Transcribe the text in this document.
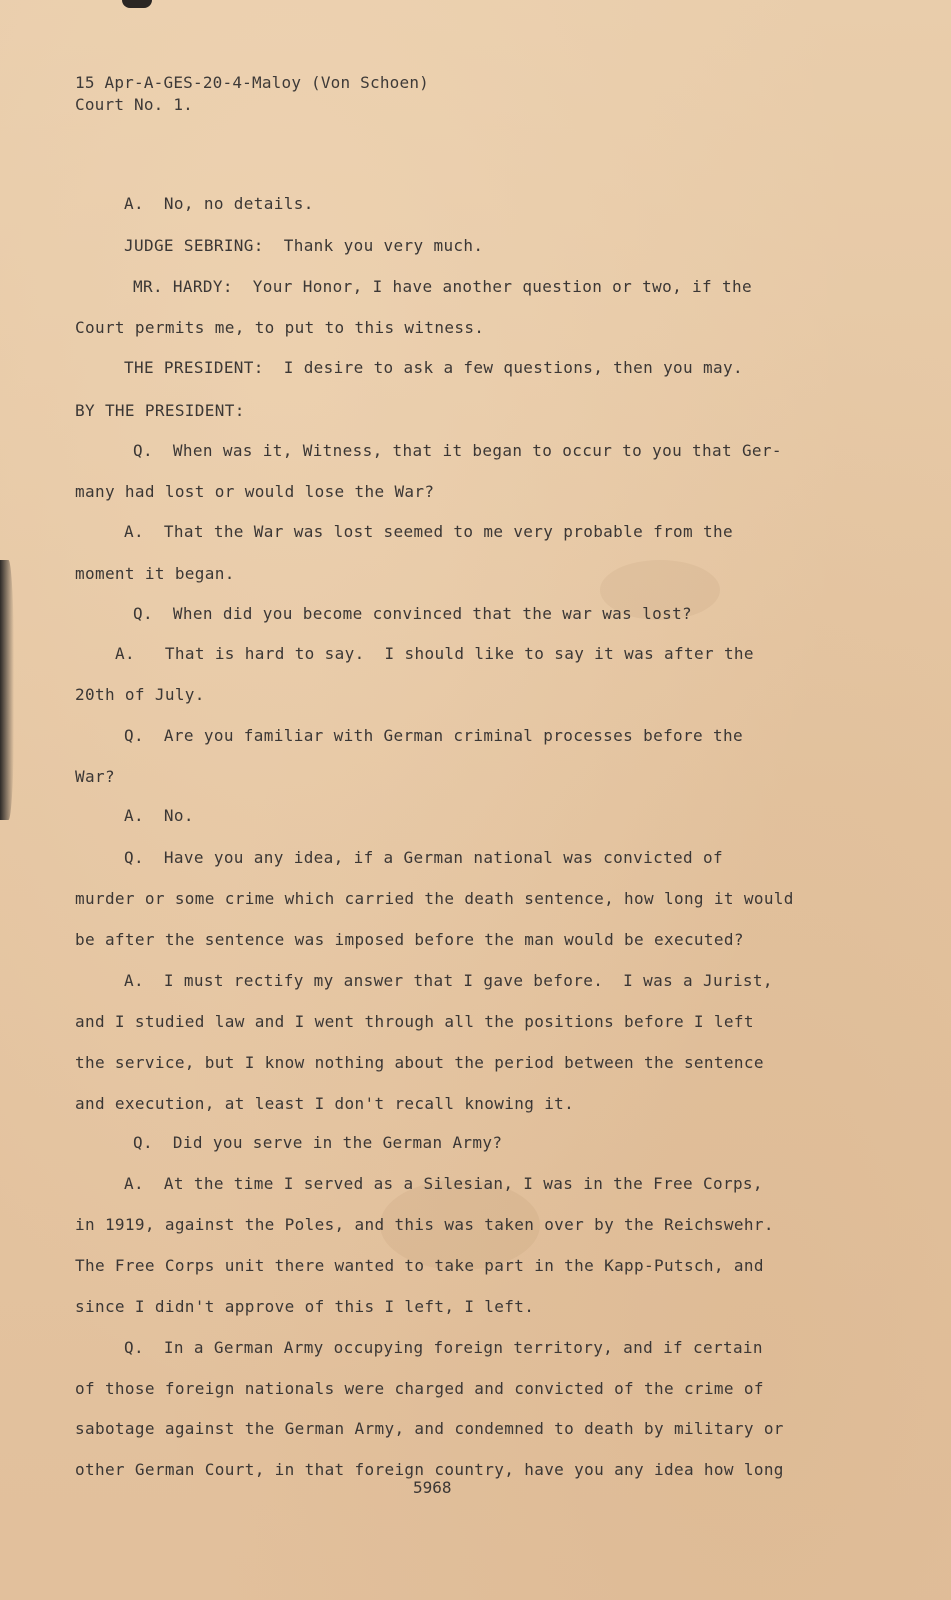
15 Apr-A-GES-20-4-Maloy (Von Schoen)
Court No. 1.
A.  No, no details.
JUDGE SEBRING:  Thank you very much.
MR. HARDY:  Your Honor, I have another question or two, if the
Court permits me, to put to this witness.
THE PRESIDENT:  I desire to ask a few questions, then you may.
BY THE PRESIDENT:
Q.  When was it, Witness, that it began to occur to you that Ger-
many had lost or would lose the War?
A.  That the War was lost seemed to me very probable from the
moment it began.
Q.  When did you become convinced that the war was lost?
A.   That is hard to say.  I should like to say it was after the
20th of July.
Q.  Are you familiar with German criminal processes before the
War?
A.  No.
Q.  Have you any idea, if a German national was convicted of
murder or some crime which carried the death sentence, how long it would
be after the sentence was imposed before the man would be executed?
A.  I must rectify my answer that I gave before.  I was a Jurist,
and I studied law and I went through all the positions before I left
the service, but I know nothing about the period between the sentence
and execution, at least I don't recall knowing it.
Q.  Did you serve in the German Army?
A.  At the time I served as a Silesian, I was in the Free Corps,
in 1919, against the Poles, and this was taken over by the Reichswehr.
The Free Corps unit there wanted to take part in the Kapp-Putsch, and
since I didn't approve of this I left, I left.
Q.  In a German Army occupying foreign territory, and if certain
of those foreign nationals were charged and convicted of the crime of
sabotage against the German Army, and condemned to death by military or
other German Court, in that foreign country, have you any idea how long
5968
